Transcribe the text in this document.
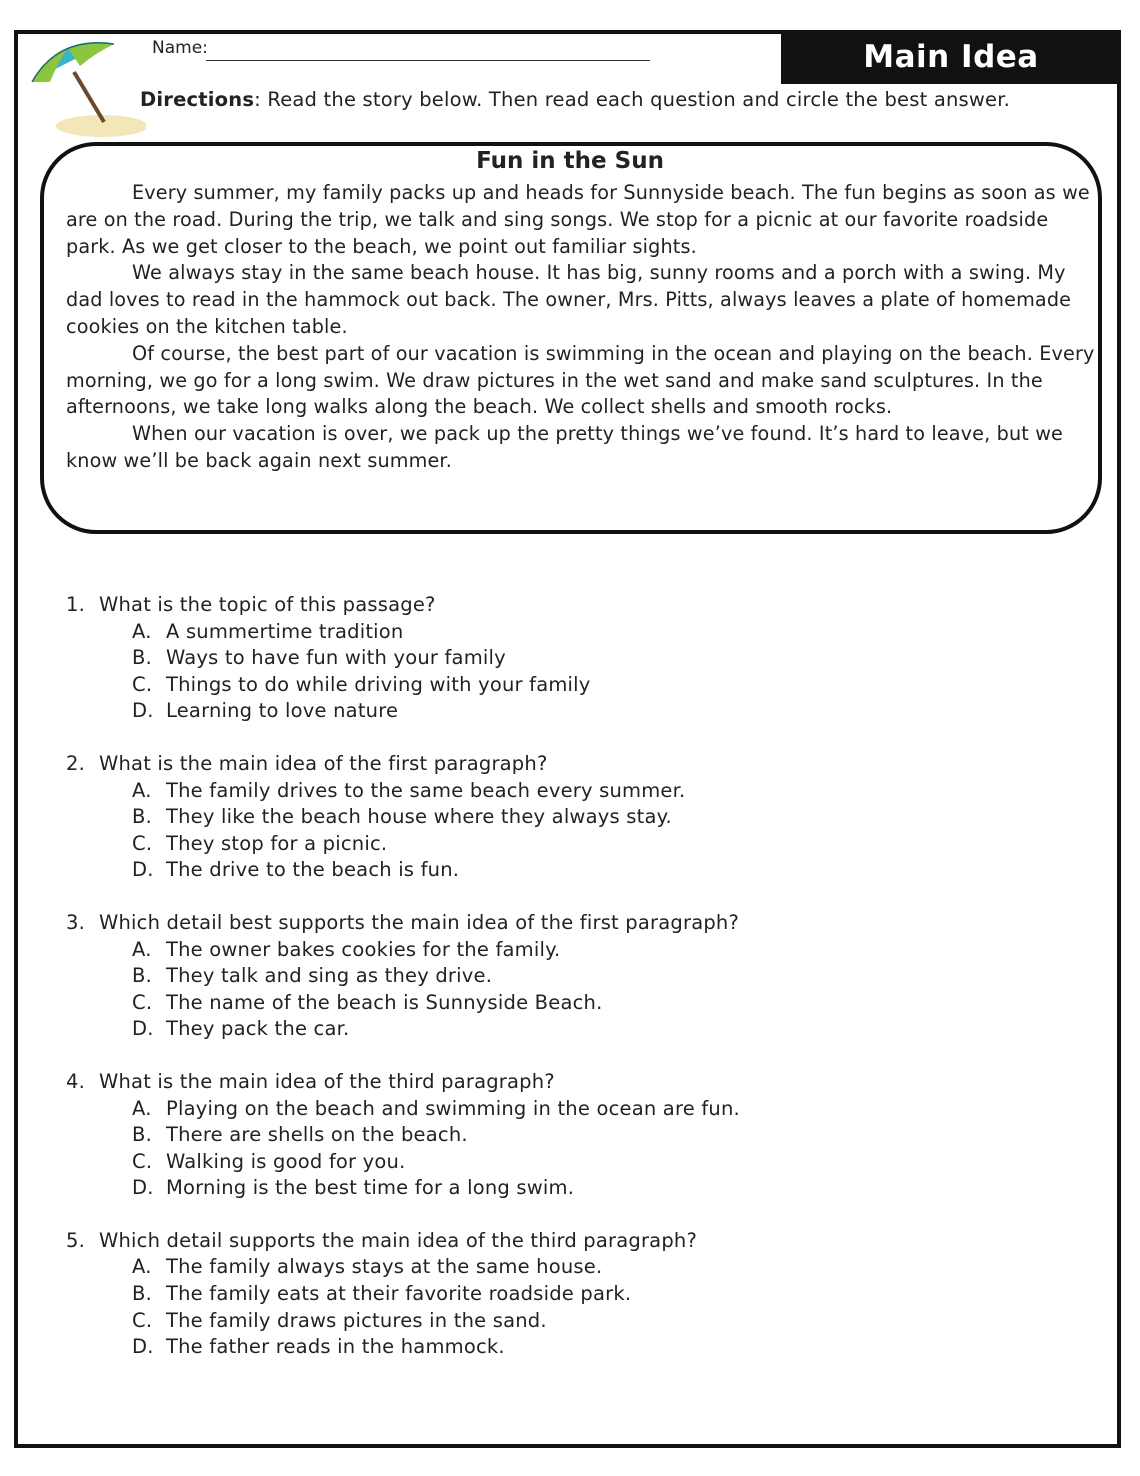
Name:	Main Idea
Directions: Read the story below. Then read each question and circle the best answer.
Fun in the Sun

Every summer, my family packs up and heads for Sunnyside beach. The fun begins as soon as we are on the road. During the trip, we talk and sing songs. We stop for a picnic at our favorite roadside park. As we get closer to the beach, we point out familiar sights.

We always stay in the same beach house. It has big, sunny rooms and a porch with a swing. My dad loves to read in the hammock out back. The owner, Mrs. Pitts, always leaves a plate of homemade cookies on the kitchen table.

Of course, the best part of our vacation is swimming in the ocean and playing on the beach. Every morning, we go for a long swim. We draw pictures in the wet sand and make sand sculptures. In the afternoons, we take long walks along the beach. We collect shells and smooth rocks.

When our vacation is over, we pack up the pretty things we’ve found. It’s hard to leave, but we know we’ll be back again next summer.

1. What is the topic of this passage?
A. A summertime tradition
B. Ways to have fun with your family
C. Things to do while driving with your family
D. Learning to love nature
2. What is the main idea of the first paragraph?
A. The family drives to the same beach every summer.
B. They like the beach house where they always stay.
C. They stop for a picnic.
D. The drive to the beach is fun.
3. Which detail best supports the main idea of the first paragraph?
A. The owner bakes cookies for the family.
B. They talk and sing as they drive.
C. The name of the beach is Sunnyside Beach.
D. They pack the car.
4. What is the main idea of the third paragraph?
A. Playing on the beach and swimming in the ocean are fun.
B. There are shells on the beach.
C. Walking is good for you.
D. Morning is the best time for a long swim.
5. Which detail supports the main idea of the third paragraph?
A. The family always stays at the same house.
B. The family eats at their favorite roadside park.
C. The family draws pictures in the sand.
D. The father reads in the hammock.
